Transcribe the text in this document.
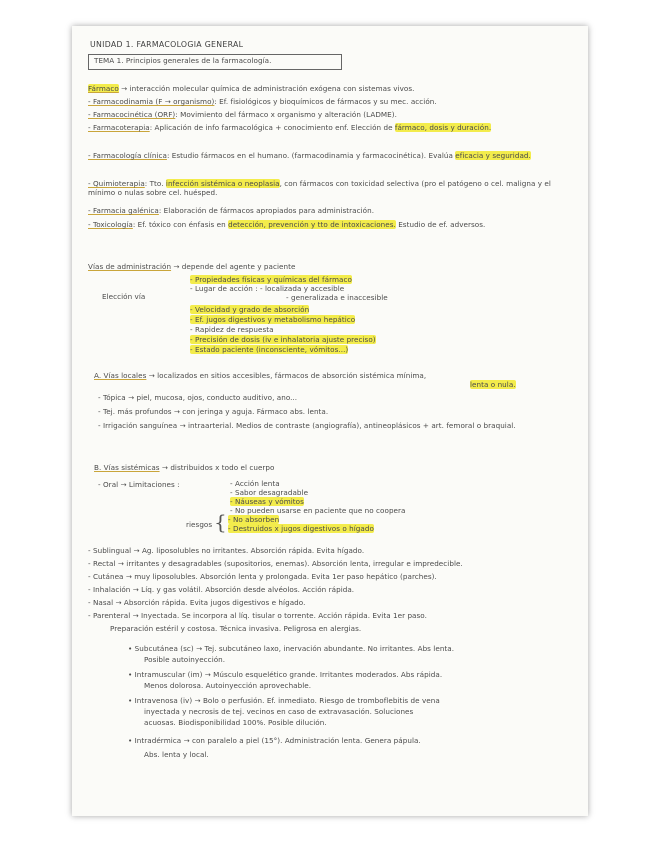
UNIDAD 1. FARMACOLOGIA GENERAL
TEMA 1. Principios generales de la farmacología.
Fármaco → interacción molecular química de administración exógena con sistemas vivos.
- Farmacodinamia (F → organismo): Ef. fisiológicos y bioquímicos de fármacos y su mec. acción.
- Farmacocinética (ORF): Movimiento del fármaco x organismo y alteración (LADME).
- Farmacoterapia: Aplicación de info farmacológica + conocimiento enf. Elección de fármaco, dosis y duración.
- Farmacología clínica: Estudio fármacos en el humano. (farmacodinamia y farmacocinética). Evalúa eficacia y seguridad.
- Quimioterapia: Tto. infección sistémica o neoplasia, con fármacos con toxicidad selectiva (pro el patógeno o cel. maligna y el mínimo o nulas sobre cel. huésped.
- Farmacia galénica: Elaboración de fármacos apropiados para administración.
- Toxicología: Ef. tóxico con énfasis en detección, prevención y tto de intoxicaciones. Estudio de ef. adversos.
Vías de administración → depende del agente y paciente
Elección vía
- Propiedades físicas y químicas del fármaco
- Lugar de acción : - localizada y accesible
- generalizada e inaccesible
- Velocidad y grado de absorción
- Ef. jugos digestivos y metabolismo hepático
- Rapidez de respuesta
- Precisión de dosis (iv e inhalatoria ajuste preciso)
- Estado paciente (inconsciente, vómitos...)
A. Vías locales → localizados en sitios accesibles, fármacos de absorción sistémica mínima,
lenta o nula.
- Tópica → piel, mucosa, ojos, conducto auditivo, ano...
- Tej. más profundos → con jeringa y aguja. Fármaco abs. lenta.
- Irrigación sanguínea → intraarterial. Medios de contraste (angiografía), antineoplásicos + art. femoral o braquial.
B. Vías sistémicas → distribuidos x todo el cuerpo
- Oral → Limitaciones :	- Acción lenta
- Sabor desagradable
- Náuseas y vómitos
- No pueden usarse en paciente que no coopera
riesgos { - No absorben
- Destruidos x jugos digestivos o hígado
- Sublingual → Ag. liposolubles no irritantes. Absorción rápida. Evita hígado.
- Rectal → irritantes y desagradables (supositorios, enemas). Absorción lenta, irregular e impredecible.
- Cutánea → muy liposolubles. Absorción lenta y prolongada. Evita 1er paso hepático (parches).
- Inhalación → Líq. y gas volátil. Absorción desde alvéolos. Acción rápida.
- Nasal → Absorción rápida. Evita jugos digestivos e hígado.
- Parenteral → Inyectada. Se incorpora al líq. tisular o torrente. Acción rápida. Evita 1er paso.
Preparación estéril y costosa. Técnica invasiva. Peligrosa en alergias.
• Subcutánea (sc) → Tej. subcutáneo laxo, inervación abundante. No irritantes. Abs lenta.
Posible autoinyección.
• Intramuscular (im) → Músculo esquelético grande. Irritantes moderados. Abs rápida.
Menos dolorosa. Autoinyección aprovechable.
• Intravenosa (iv) → Bolo o perfusión. Ef. inmediato. Riesgo de tromboflebitis de vena
inyectada y necrosis de tej. vecinos en caso de extravasación. Soluciones
acuosas. Biodisponibilidad 100%. Posible dilución.
• Intradérmica → con paralelo a piel (15°). Administración lenta. Genera pápula.
Abs. lenta y local.
